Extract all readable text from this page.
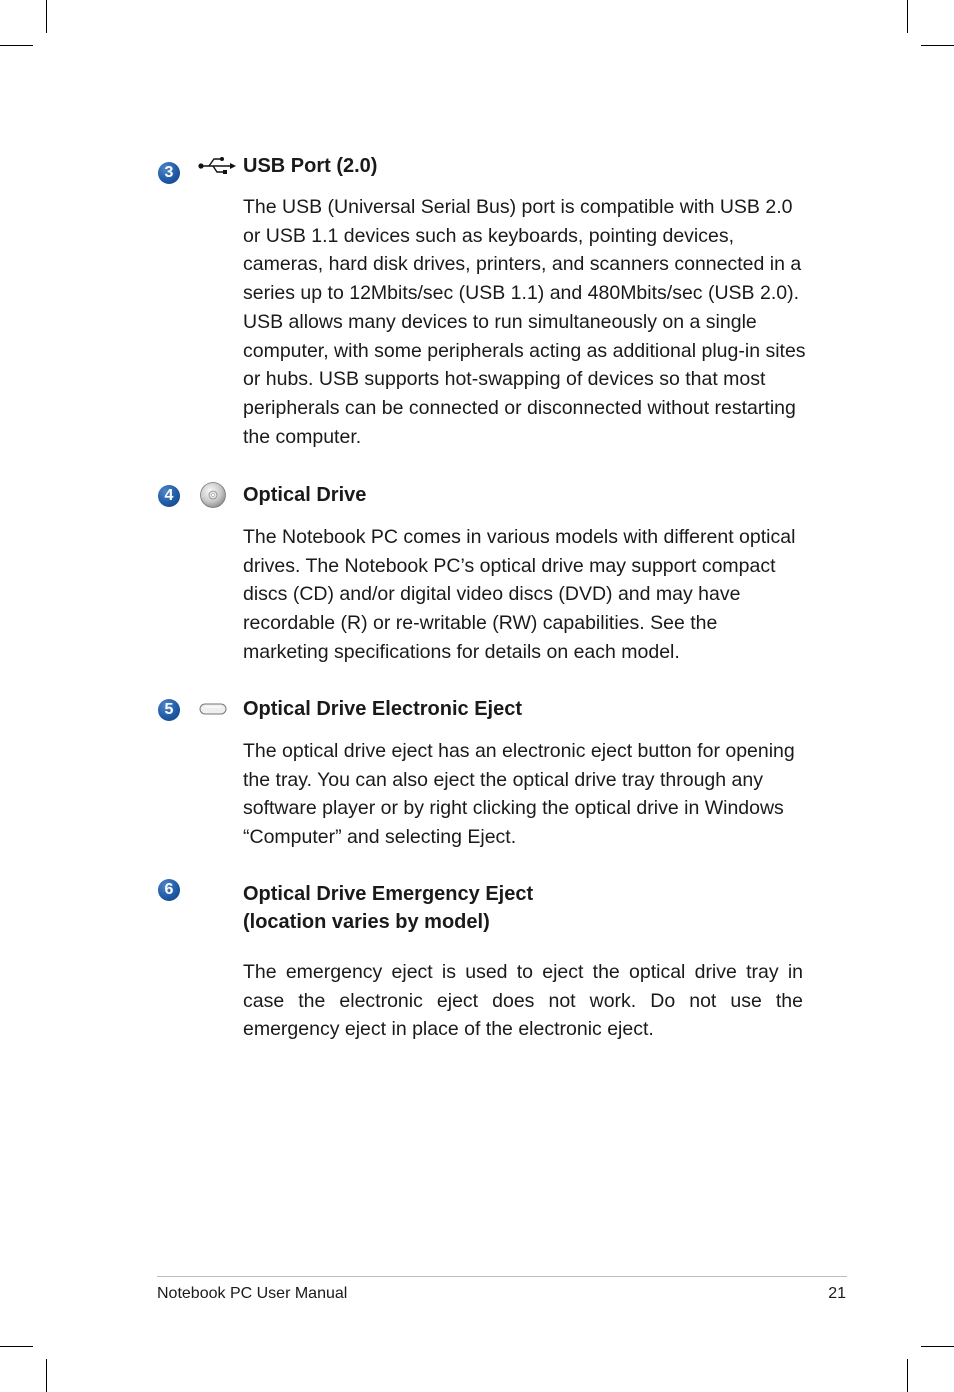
3	USB Port (2.0)

The USB (Universal Serial Bus) port is compatible with USB 2.0 or USB 1.1 devices such as keyboards, pointing devices, cameras, hard disk drives, printers, and scanners connected in a series up to 12Mbits/sec (USB 1.1) and 480Mbits/sec (USB 2.0). USB allows many devices to run simultaneously on a single computer, with some peripherals acting as additional plug-in sites or hubs. USB supports hot-swapping of devices so that most peripherals can be connected or disconnected without restarting the computer.

4	Optical Drive

The Notebook PC comes in various models with different optical drives. The Notebook PC’s optical drive may support compact discs (CD) and/or digital video discs (DVD) and may have recordable (R) or re-writable (RW) capabilities. See the marketing specifications for details on each model.

5	Optical Drive Electronic Eject

The optical drive eject has an electronic eject button for opening the tray. You can also eject the optical drive tray through any software player or by right clicking the optical drive in Windows “Computer” and selecting Eject.

6	Optical Drive Emergency Eject
(location varies by model)

The emergency eject is used to eject the optical drive tray in case the electronic eject does not work. Do not use the emergency eject in place of the electronic eject.

Notebook PC User Manual	21
